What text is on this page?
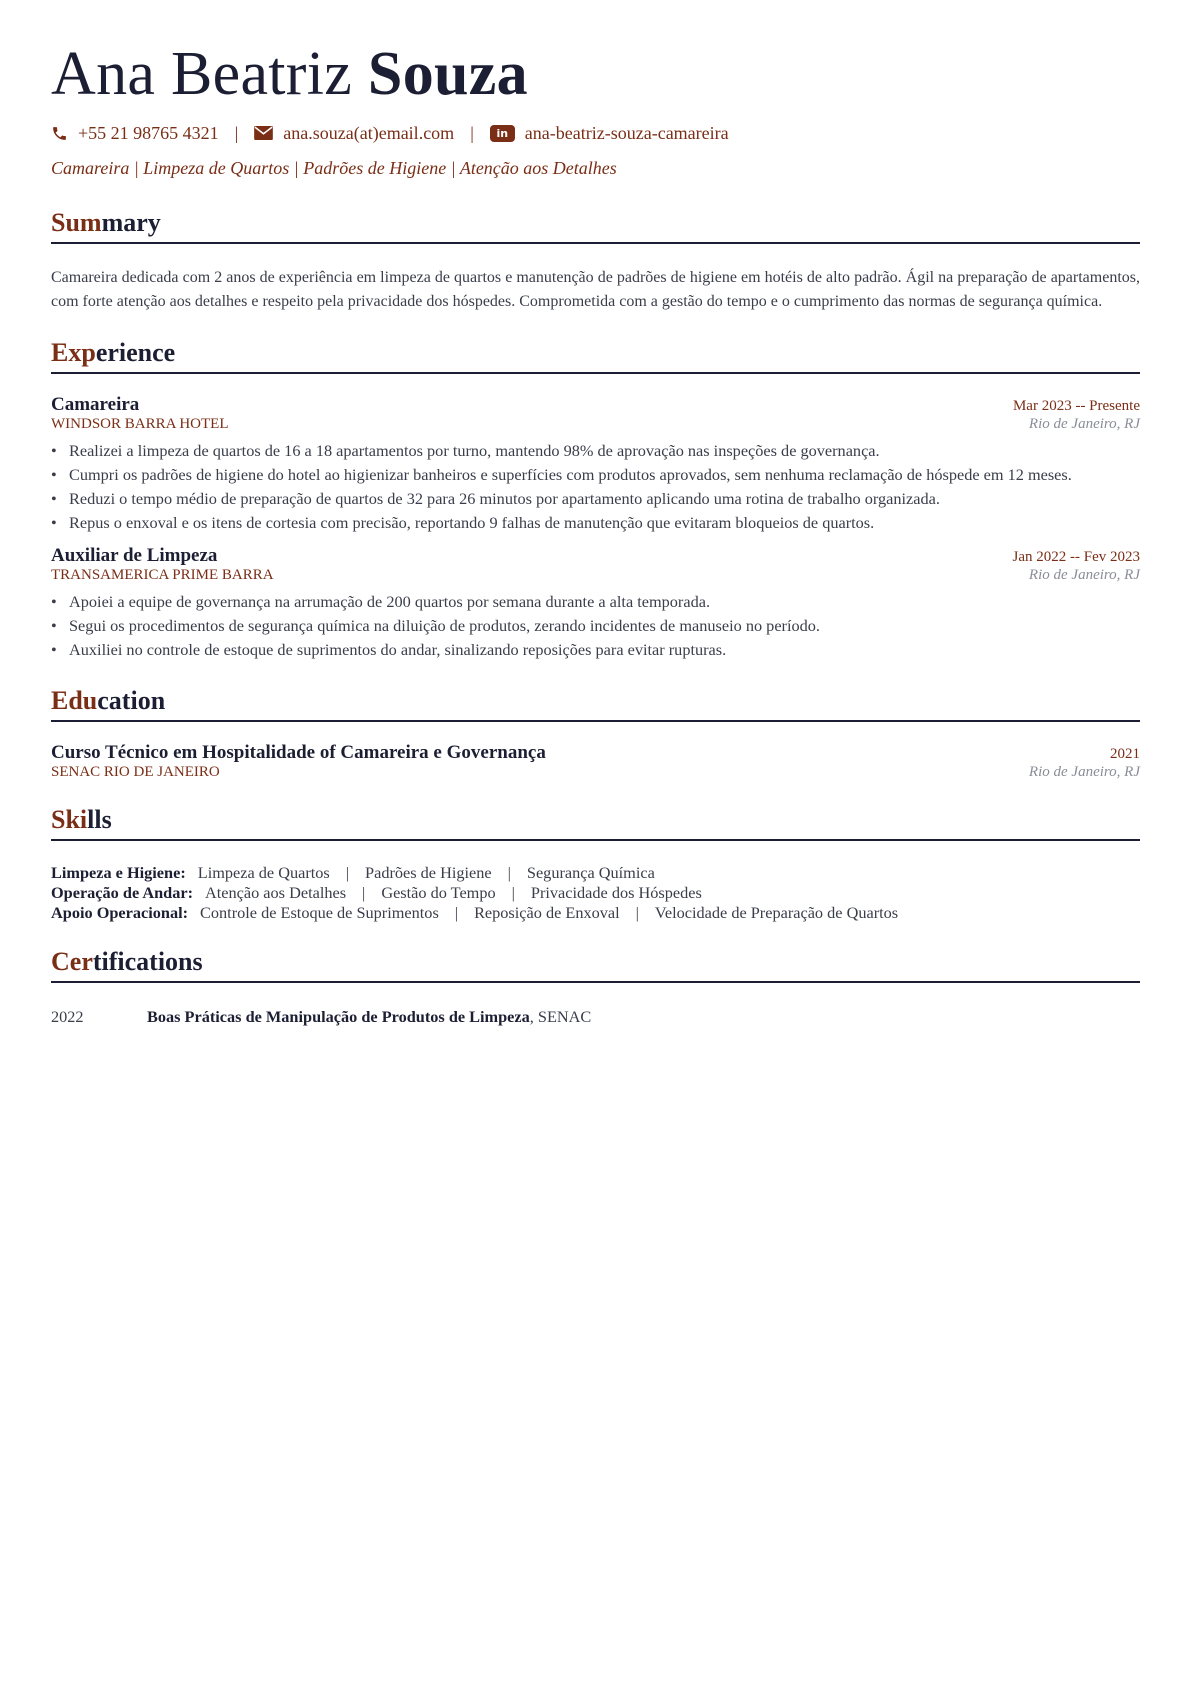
Ana Beatriz Souza
+55 21 98765 4321 |	ana.souza(at)email.com |	in ana-beatriz-souza-camareira
Camareira | Limpeza de Quartos | Padrões de Higiene | Atenção aos Detalhes
Summary
Camareira dedicada com 2 anos de experiência em limpeza de quartos e manutenção de padrões de higiene em hotéis de alto padrão. Ágil na preparação de apartamentos, com forte atenção aos detalhes e respeito pela privacidade dos hóspedes. Comprometida com a gestão do tempo e o cumprimento das normas de segurança química.
Experience
Camareira	Mar 2023 -- Presente
WINDSOR BARRA HOTEL	Rio de Janeiro, RJ
• Realizei a limpeza de quartos de 16 a 18 apartamentos por turno, mantendo 98% de aprovação nas inspeções de governança.
• Cumpri os padrões de higiene do hotel ao higienizar banheiros e superfícies com produtos aprovados, sem nenhuma reclamação de hóspede em 12 meses.
• Reduzi o tempo médio de preparação de quartos de 32 para 26 minutos por apartamento aplicando uma rotina de trabalho organizada.
• Repus o enxoval e os itens de cortesia com precisão, reportando 9 falhas de manutenção que evitaram bloqueios de quartos.
Auxiliar de Limpeza	Jan 2022 -- Fev 2023
TRANSAMERICA PRIME BARRA	Rio de Janeiro, RJ
• Apoiei a equipe de governança na arrumação de 200 quartos por semana durante a alta temporada.
• Segui os procedimentos de segurança química na diluição de produtos, zerando incidentes de manuseio no período.
• Auxiliei no controle de estoque de suprimentos do andar, sinalizando reposições para evitar rupturas.
Education
Curso Técnico em Hospitalidade of Camareira e Governança	2021
SENAC RIO DE JANEIRO	Rio de Janeiro, RJ
Skills
Limpeza e Higiene: Limpeza de Quartos | Padrões de Higiene | Segurança Química
Operação de Andar: Atenção aos Detalhes | Gestão do Tempo | Privacidade dos Hóspedes
Apoio Operacional: Controle de Estoque de Suprimentos | Reposição de Enxoval | Velocidade de Preparação de Quartos
Certifications
2022	Boas Práticas de Manipulação de Produtos de Limpeza, SENAC
